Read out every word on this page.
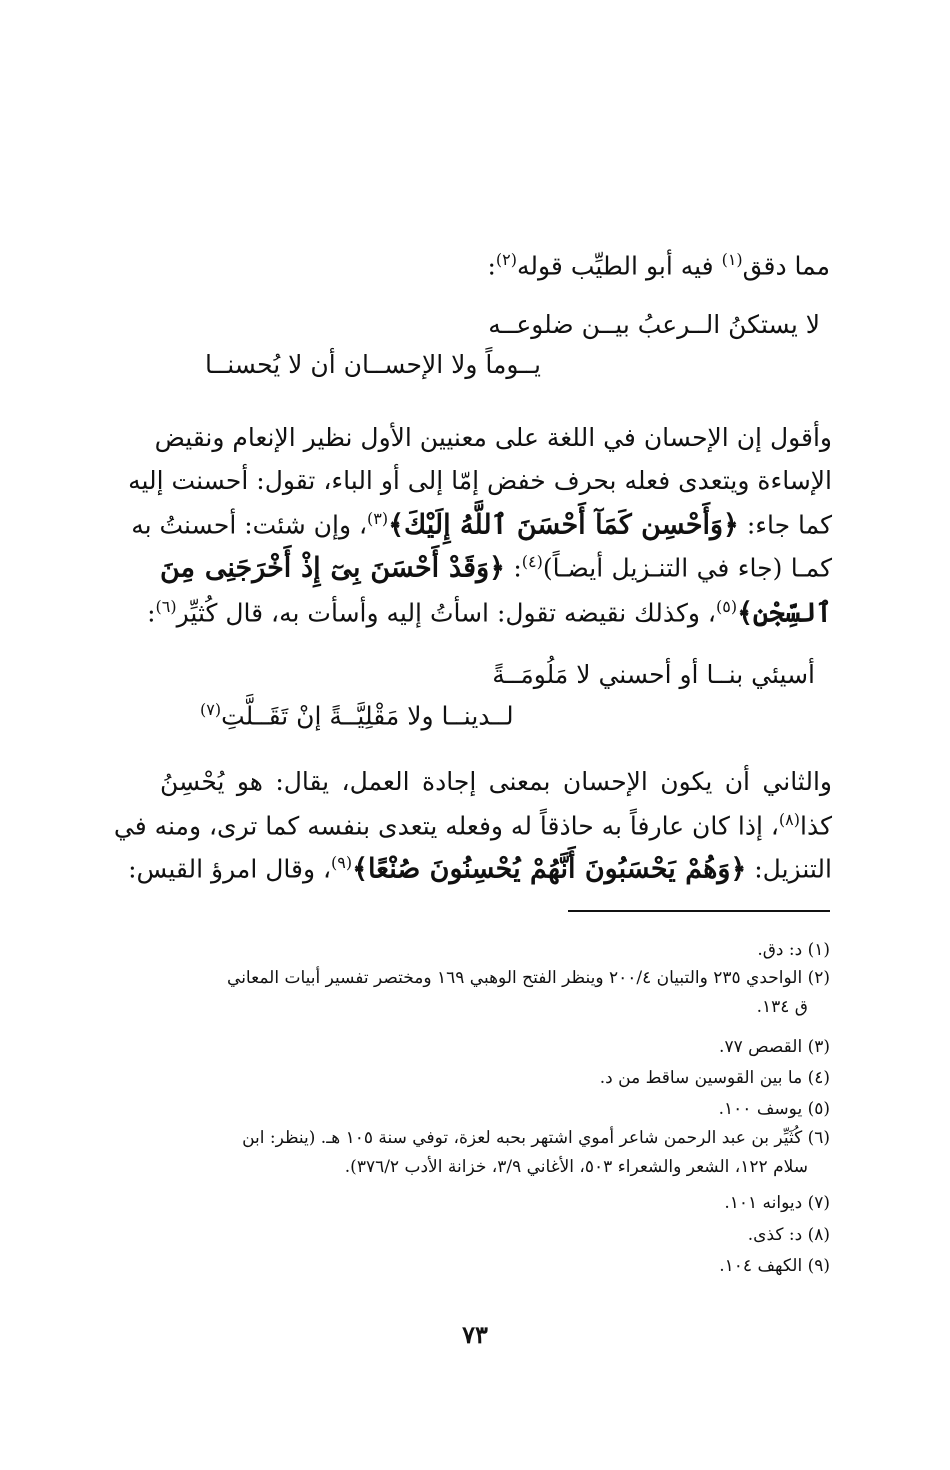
مما دقق$^{(١)}$ فيه أبو الطيِّب قوله$^{(٢)}$:
لا يستكنُ الــرعبُ بيــن ضلوعــه
يــوماً ولا الإحســان أن لا يُحسنــا
وأقول إن الإحسان في اللغة على معنيين الأول نظير الإنعام ونقيض
الإساءة ويتعدى فعله بحرف خفض إمّا إلى أو الباء، تقول: أحسنت إليه
كما جاء: ﴿وَأَحْسِن كَمَآ أَحْسَنَ ٱللَّهُ إِلَيْكَ﴾$^{(٣)}$، وإن شئت: أحسنتُ به
كمـا (جاء في التنـزيل أيضـاً)$^{(٤)}$: ﴿وَقَدْ أَحْسَنَ بِىٓ إِذْ أَخْرَجَنِى مِنَ
ٱلسِّجْنِ﴾$^{(٥)}$، وكذلك نقيضه تقول: اسأتُ إليه وأسأت به، قال كُثيِّر$^{(٦)}$:
أسيئي بنــا أو أحسني لا مَلُومَــةً
لــدينــا ولا مَقْلِيَّــةً إنْ تَقَــلَّتِ$^{(٧)}$
والثاني أن يكون الإحسان بمعنى إجادة العمل، يقال: هو يُحْسِنُ
كذا$^{(٨)}$، إذا كان عارفاً به حاذقاً له وفعله يتعدى بنفسه كما ترى، ومنه في
التنزيل: ﴿وَهُمْ يَحْسَبُونَ أَنَّهُمْ يُحْسِنُونَ صُنْعًا﴾$^{(٩)}$، وقال امرؤ القيس:
(١) د: دق.
(٢) الواحدي ٢٣٥ والتبيان ٢٠٠/٤ وينظر الفتح الوهبي ١٦٩ ومختصر تفسير أبيات المعاني
ق ١٣٤.
(٣) القصص ٧٧.
(٤) ما بين القوسين ساقط من د.
(٥) يوسف ١٠٠.
(٦) كُثَيِّر بن عبد الرحمن شاعر أموي اشتهر بحبه لعزة، توفي سنة ١٠٥ هـ. (ينظر: ابن
سلام ١٢٢، الشعر والشعراء ٥٠٣، الأغاني ٣/٩، خزانة الأدب ٣٧٦/٢).
(٧) ديوانه ١٠١.
(٨) د: كذى.
(٩) الكهف ١٠٤.
٧٣
